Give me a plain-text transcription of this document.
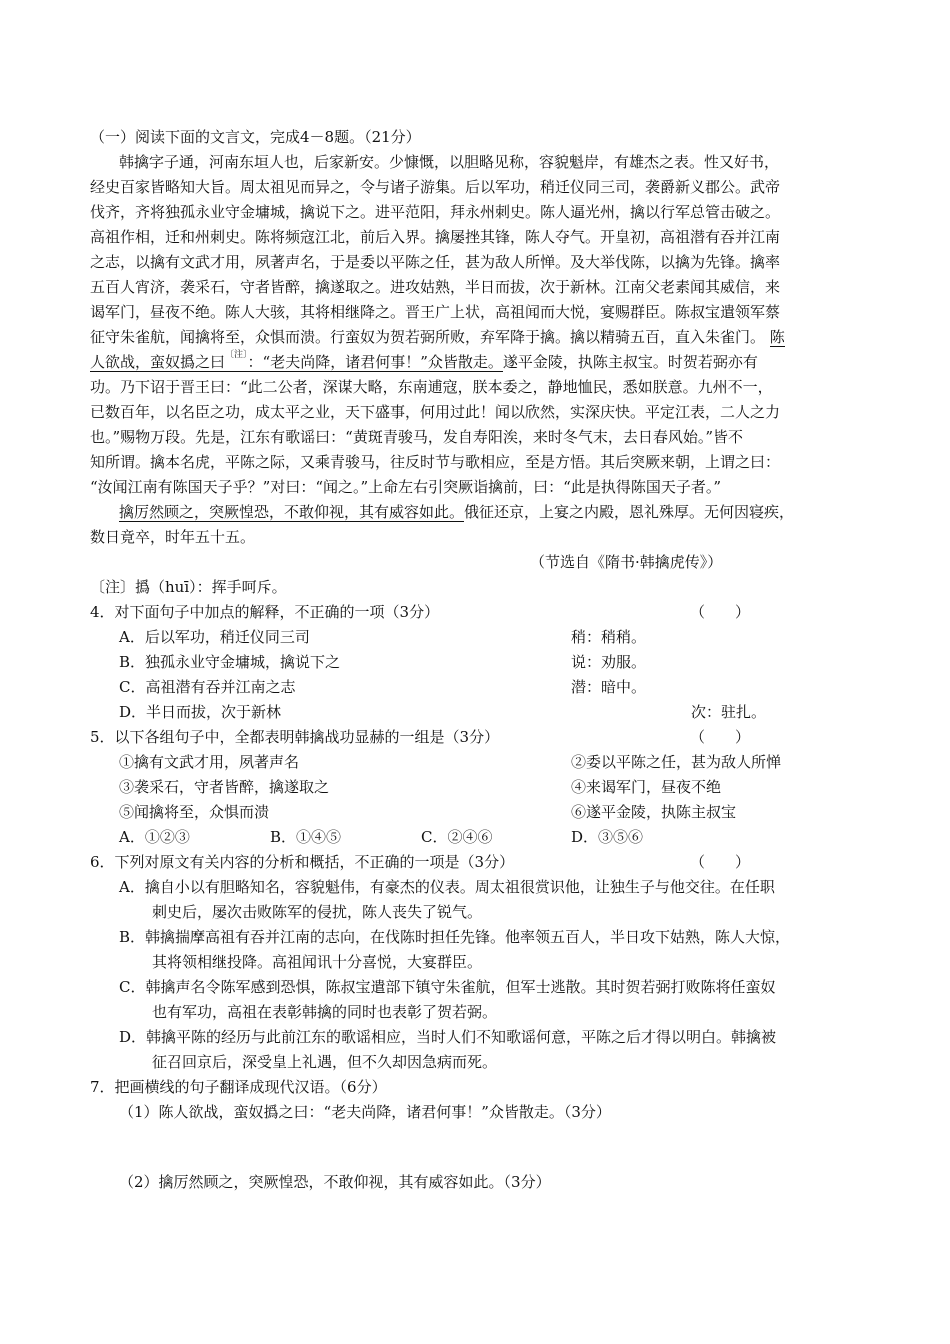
（一）阅读下面的文言文，完成4－8题。（21分）
韩擒字子通，河南东垣人也，后家新安。少慷慨，以胆略见称，容貌魁岸，有雄杰之表。性又好书，
经史百家皆略知大旨。周太祖见而异之，令与诸子游集。后以军功，稍迁仪同三司，袭爵新义郡公。武帝
伐齐，齐将独孤永业守金墉城，擒说下之。进平范阳，拜永州刺史。陈人逼光州，擒以行军总管击破之。
高祖作相，迁和州刺史。陈将频寇江北，前后入界。擒屡挫其锋，陈人夺气。开皇初，高祖潜有吞并江南
之志，以擒有文武才用，夙著声名，于是委以平陈之任，甚为敌人所惮。及大举伐陈，以擒为先锋。擒率
五百人宵济，袭采石，守者皆醉，擒遂取之。进攻姑熟，半日而拔，次于新林。江南父老素闻其威信，来
谒军门，昼夜不绝。陈人大骇，其将相继降之。晋王广上状，高祖闻而大悦，宴赐群臣。陈叔宝遣领军蔡
征守朱雀航，闻擒将至，众惧而溃。行蛮奴为贺若弼所败，弃军降于擒。擒以精骑五百，直入朱雀门。 陈
人欲战，蛮奴撝之曰$^{〔注〕}$：“老夫尚降，诸君何事！”众皆散走。遂平金陵，执陈主叔宝。时贺若弼亦有
功。乃下诏于晋王曰：“此二公者，深谋大略，东南逋寇，朕本委之，静地恤民，悉如朕意。九州不一，
已数百年，以名臣之功，成太平之业，天下盛事，何用过此！闻以欣然，实深庆快。平定江表，二人之力
也。”赐物万段。先是，江东有歌谣曰：“黄斑青骏马，发自寿阳涘，来时冬气末，去日春风始。”皆不
知所谓。擒本名虎，平陈之际，又乘青骏马，往反时节与歌相应，至是方悟。其后突厥来朝，上谓之曰：
“汝闻江南有陈国天子乎？”对曰：“闻之。”上命左右引突厥诣擒前，曰：“此是执得陈国天子者。”
擒厉然顾之，突厥惶恐，不敢仰视，其有威容如此。俄征还京，上宴之内殿，恩礼殊厚。无何因寝疾，
数日竟卒，时年五十五。
（节选自《隋书·韩擒虎传》）
〔注〕撝（huī）：挥手呵斥。
4．对下面句子中加点的解释，不正确的一项（3分）	（　　）
A．后以军功，稍迁仪同三司	稍：稍稍。
B．独孤永业守金墉城，擒说下之	说：劝服。
C．高祖潜有吞并江南之志	潜：暗中。
D．半日而拔，次于新林	次：驻扎。
5．以下各组句子中，全都表明韩擒战功显赫的一组是（3分）	（　　）
①擒有文武才用，夙著声名	②委以平陈之任，甚为敌人所惮
③袭采石，守者皆醉，擒遂取之	④来谒军门，昼夜不绝
⑤闻擒将至，众惧而溃	⑥遂平金陵，执陈主叔宝
A．①②③	B．①④⑤	C．②④⑥	D．③⑤⑥
6．下列对原文有关内容的分析和概括，不正确的一项是（3分）	（　　）
A．擒自小以有胆略知名，容貌魁伟，有豪杰的仪表。周太祖很赏识他，让独生子与他交往。在任职
刺史后，屡次击败陈军的侵扰，陈人丧失了锐气。
B．韩擒揣摩高祖有吞并江南的志向，在伐陈时担任先锋。他率领五百人，半日攻下姑熟，陈人大惊，
其将领相继投降。高祖闻讯十分喜悦，大宴群臣。
C．韩擒声名令陈军感到恐惧，陈叔宝遣部下镇守朱雀航，但军士逃散。其时贺若弼打败陈将任蛮奴
也有军功，高祖在表彰韩擒的同时也表彰了贺若弼。
D．韩擒平陈的经历与此前江东的歌谣相应，当时人们不知歌谣何意，平陈之后才得以明白。韩擒被
征召回京后，深受皇上礼遇，但不久却因急病而死。
7．把画横线的句子翻译成现代汉语。（6分）
（1）陈人欲战，蛮奴撝之曰：“老夫尚降，诸君何事！”众皆散走。（3分）
（2）擒厉然顾之，突厥惶恐，不敢仰视，其有威容如此。（3分）
